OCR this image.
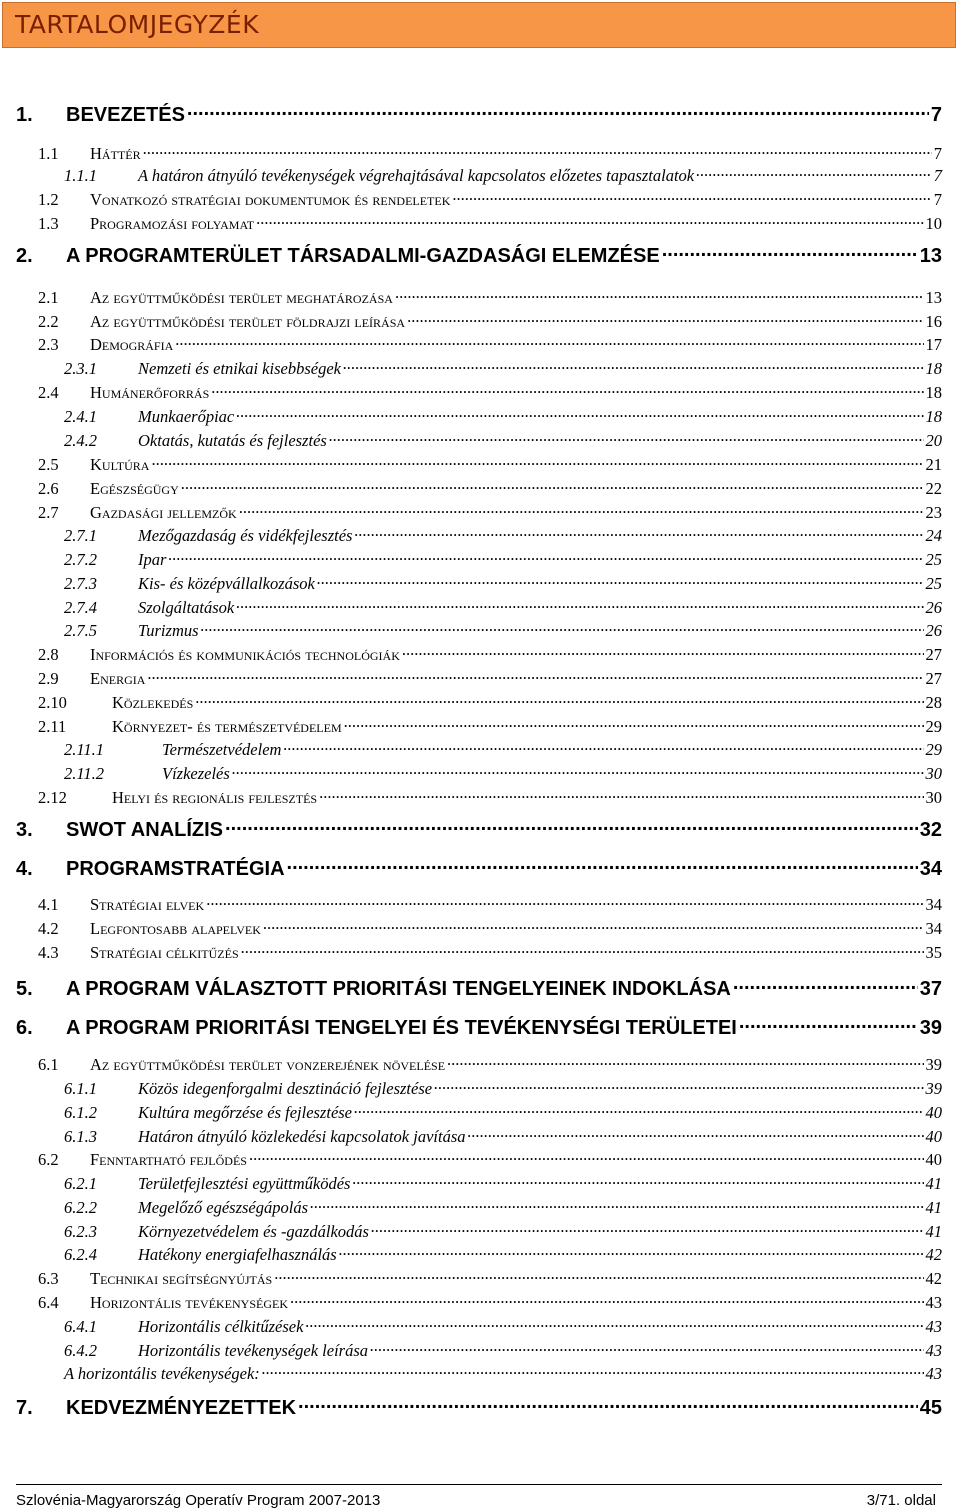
TARTALOMJEGYZÉK
1.	BEVEZETÉS .....	7
1.1	Háttér .....	7
1.1.1	A határon átnyúló tevékenységek végrehajtásával kapcsolatos előzetes tapasztalatok .....	7
1.2	Vonatkozó stratégiai dokumentumok és rendeletek .....	7
1.3	Programozási folyamat .....	10
2.	A PROGRAMTERÜLET TÁRSADALMI-GAZDASÁGI ELEMZÉSE .....	13
2.1	Az együttműködési terület meghatározása .....	13
2.2	Az együttműködési terület földrajzi leírása .....	16
2.3	Demográfia .....	17
2.3.1	Nemzeti és etnikai kisebbségek .....	18
2.4	Humánerőforrás .....	18
2.4.1	Munkaerőpiac .....	18
2.4.2	Oktatás, kutatás és fejlesztés .....	20
2.5	Kultúra .....	21
2.6	Egészségügy .....	22
2.7	Gazdasági jellemzők .....	23
2.7.1	Mezőgazdaság és vidékfejlesztés .....	24
2.7.2	Ipar .....	25
2.7.3	Kis- és középvállalkozások .....	25
2.7.4	Szolgáltatások .....	26
2.7.5	Turizmus .....	26
2.8	Információs és kommunikációs technológiák .....	27
2.9	Energia .....	27
2.10	Közlekedés .....	28
2.11	Környezet- és természetvédelem .....	29
2.11.1	Természetvédelem .....	29
2.11.2	Vízkezelés .....	30
2.12	Helyi és regionális fejlesztés .....	30
3.	SWOT ANALÍZIS .....	32
4.	PROGRAMSTRATÉGIA .....	34
4.1	Stratégiai elvek .....	34
4.2	Legfontosabb alapelvek .....	34
4.3	Stratégiai célkitűzés .....	35
5.	A PROGRAM VÁLASZTOTT PRIORITÁSI TENGELYEINEK INDOKLÁSA .....	37
6.	A PROGRAM PRIORITÁSI TENGELYEI ÉS TEVÉKENYSÉGI TERÜLETEI .....	39
6.1	Az együttműködési terület vonzerejének növelése .....	39
6.1.1	Közös idegenforgalmi desztináció fejlesztése .....	39
6.1.2	Kultúra megőrzése és fejlesztése .....	40
6.1.3	Határon átnyúló közlekedési kapcsolatok javítása .....	40
6.2	Fenntartható fejlődés .....	40
6.2.1	Területfejlesztési együttműködés .....	41
6.2.2	Megelőző egészségápolás .....	41
6.2.3	Környezetvédelem és -gazdálkodás .....	41
6.2.4	Hatékony energiafelhasználás .....	42
6.3	Technikai segítségnyújtás .....	42
6.4	Horizontális tevékenységek .....	43
6.4.1	Horizontális célkitűzések .....	43
6.4.2	Horizontális tevékenységek leírása .....	43
A horizontális tevékenységek: .....	43
7.	KEDVEZMÉNYEZETTEK .....	45
Szlovénia-Magyarország Operatív Program 2007-2013	3/71. oldal
